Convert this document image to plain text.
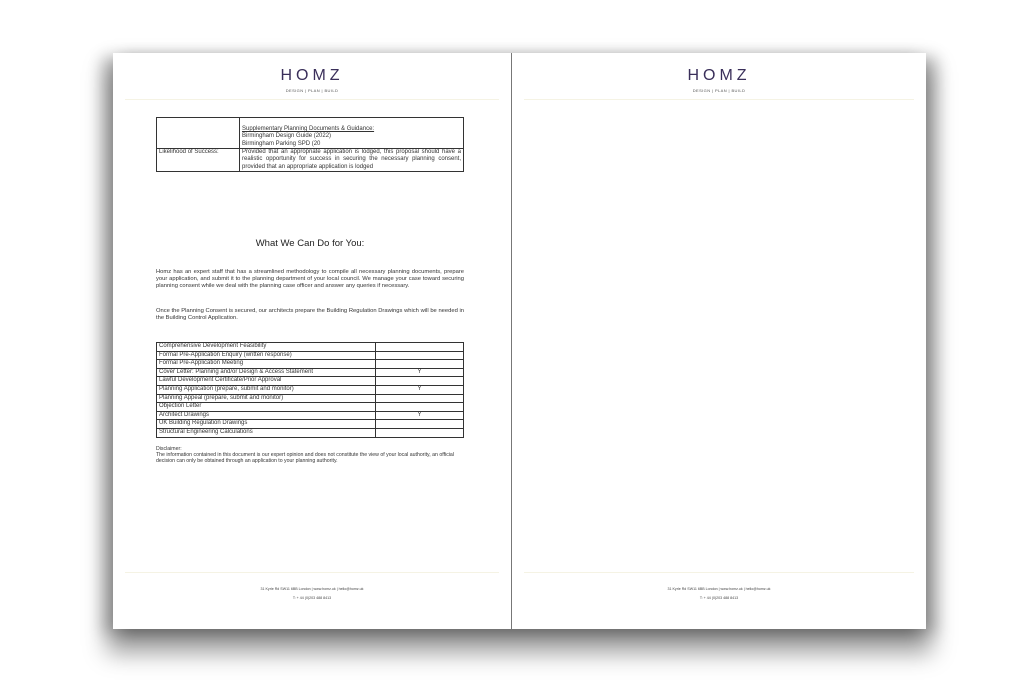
HOMZ
DESIGN | PLAN | BUILD

	Supplementary Planning Documents & Guidance:
Birmingham Design Guide (2022)
Birmingham Parking SPD (20

Likelihood of Success:	Provided that an appropriate application is lodged, this proposal should have a realistic opportunity for success in securing the necessary planning consent, provided that an appropriate application is lodged
What We Can Do for You:
Homz has an expert staff that has a streamlined methodology to compile all necessary planning documents, prepare your application, and submit it to the planning department of your local council. We manage your case toward securing planning consent while we deal with the planning case officer and answer any queries if necessary.
Once the Planning Consent is secured, our architects prepare the Building Regulation Drawings which will be needed in the Building Control Application.
Comprehensive Development Feasibility	
Formal Pre-Application Enquiry (written response)	
Formal Pre-Application Meeting	
Cover Letter: Planning and/or Design & Access Statement	Y
Lawful Development Certificate/Prior Approval	
Planning Application (prepare, submit and monitor)	Y
Planning Appeal (prepare, submit and monitor)	
Objection Letter	
Architect Drawings	Y
UK Building Regulation Drawings	
Structural Engineering Calculations	
Disclaimer:
The information contained in this document is our expert opinion and does not constitute the view of your local authority, an official decision can only be obtained through an application to your planning authority.
31 Kyrle Rd SW11 6BB London | www.homz.uk | hello@homz.uk
T: + 44 (0)203 488 8413
HOMZ
DESIGN | PLAN | BUILD
31 Kyrle Rd SW11 6BB London | www.homz.uk | hello@homz.uk
T: + 44 (0)203 488 8413
